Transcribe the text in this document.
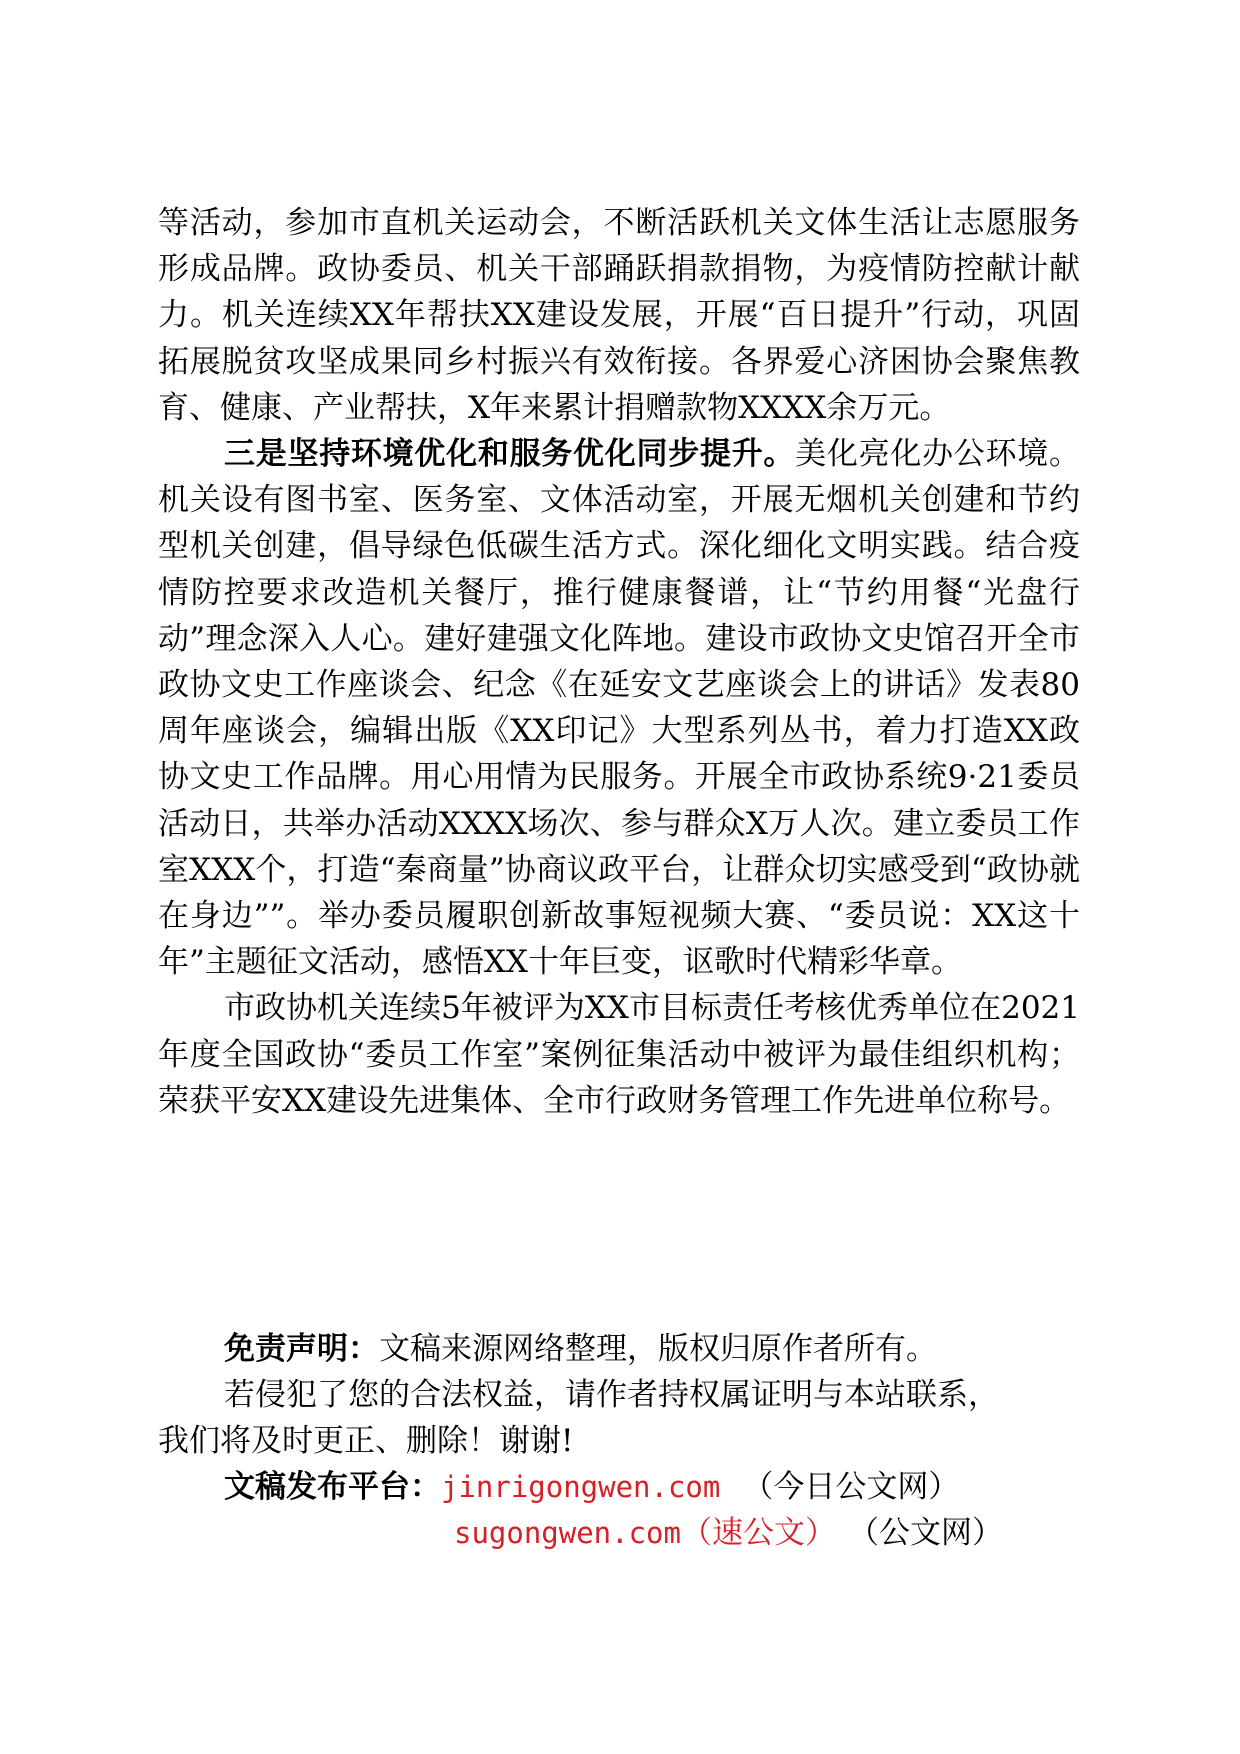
等活动，参加市直机关运动会，不断活跃机关文体生活让志愿服务形成品牌。政协委员、机关干部踊跃捐款捐物，为疫情防控献计献力。机关连续XX年帮扶XX建设发展，开展“百日提升”行动，巩固拓展脱贫攻坚成果同乡村振兴有效衔接。各界爱心济困协会聚焦教育、健康、产业帮扶，X年来累计捐赠款物XXXX余万元。

三是坚持环境优化和服务优化同步提升。美化亮化办公环境。机关设有图书室、医务室、文体活动室，开展无烟机关创建和节约型机关创建，倡导绿色低碳生活方式。深化细化文明实践。结合疫情防控要求改造机关餐厅，推行健康餐谱，让“节约用餐“光盘行动”理念深入人心。建好建强文化阵地。建设市政协文史馆召开全市政协文史工作座谈会、纪念《在延安文艺座谈会上的讲话》发表80周年座谈会，编辑出版《XX印记》大型系列丛书，着力打造XX政协文史工作品牌。用心用情为民服务。开展全市政协系统9·21委员活动日，共举办活动XXXX场次、参与群众X万人次。建立委员工作室XXX个，打造“秦商量”协商议政平台，让群众切实感受到“政协就在身边””。举办委员履职创新故事短视频大赛、“委员说：XX这十年”主题征文活动，感悟XX十年巨变，讴歌时代精彩华章。

市政协机关连续5年被评为XX市目标责任考核优秀单位在2021年度全国政协“委员工作室”案例征集活动中被评为最佳组织机构；荣获平安XX建设先进集体、全市行政财务管理工作先进单位称号。

免责声明：文稿来源网络整理，版权归原作者所有。

若侵犯了您的合法权益，请作者持权属证明与本站联系，

我们将及时更正、删除！谢谢!

文稿发布平台：jinrigongwen.com （今日公文网）
sugongwen.com（速公文） （公文网）
